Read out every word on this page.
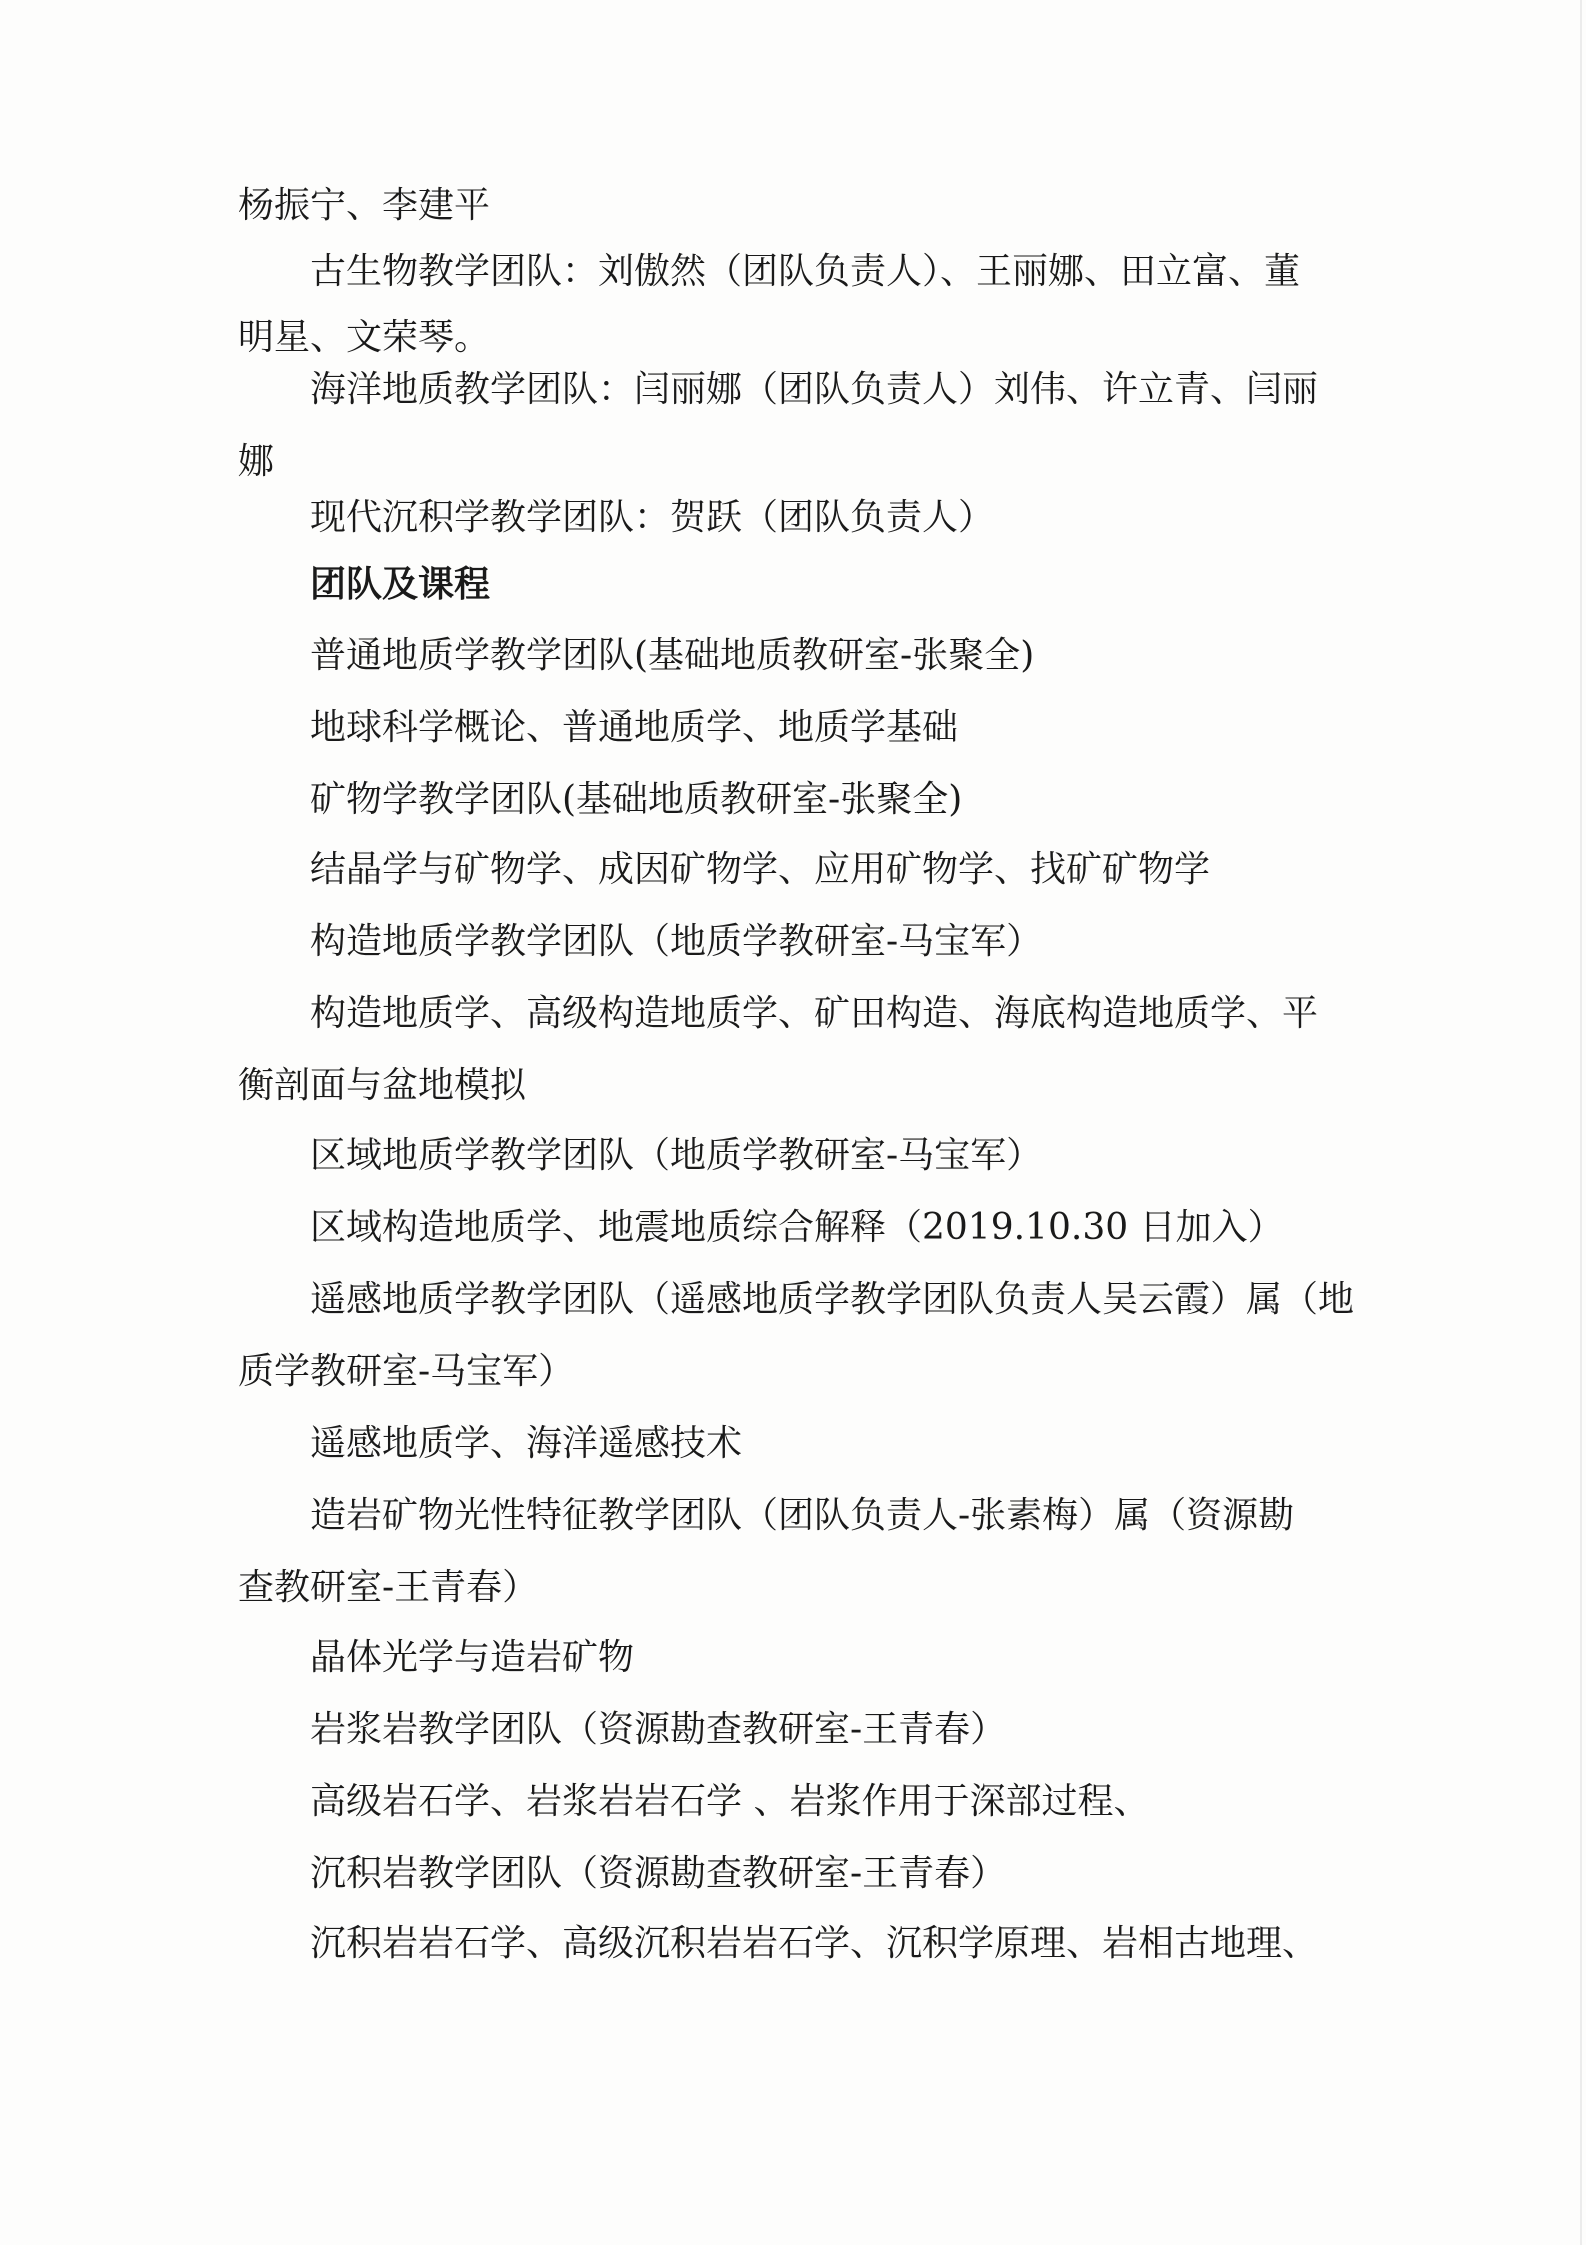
杨振宁、李建平
古生物教学团队：刘傲然（团队负责人）、王丽娜、田立富、董
明星、文荣琴。
海洋地质教学团队：闫丽娜（团队负责人）刘伟、许立青、闫丽
娜
现代沉积学教学团队：贺跃（团队负责人）
团队及课程
普通地质学教学团队(基础地质教研室-张聚全)
地球科学概论、普通地质学、地质学基础
矿物学教学团队(基础地质教研室-张聚全)
结晶学与矿物学、成因矿物学、应用矿物学、找矿矿物学
构造地质学教学团队（地质学教研室-马宝军）
构造地质学、高级构造地质学、矿田构造、海底构造地质学、平
衡剖面与盆地模拟
区域地质学教学团队（地质学教研室-马宝军）
区域构造地质学、地震地质综合解释（2019.10.30 日加入）
遥感地质学教学团队（遥感地质学教学团队负责人吴云霞）属（地
质学教研室-马宝军）
遥感地质学、海洋遥感技术
造岩矿物光性特征教学团队（团队负责人-张素梅）属（资源勘
查教研室-王青春）
晶体光学与造岩矿物
岩浆岩教学团队（资源勘查教研室-王青春）
高级岩石学、岩浆岩岩石学 、岩浆作用于深部过程、
沉积岩教学团队（资源勘查教研室-王青春）
沉积岩岩石学、高级沉积岩岩石学、沉积学原理、岩相古地理、
